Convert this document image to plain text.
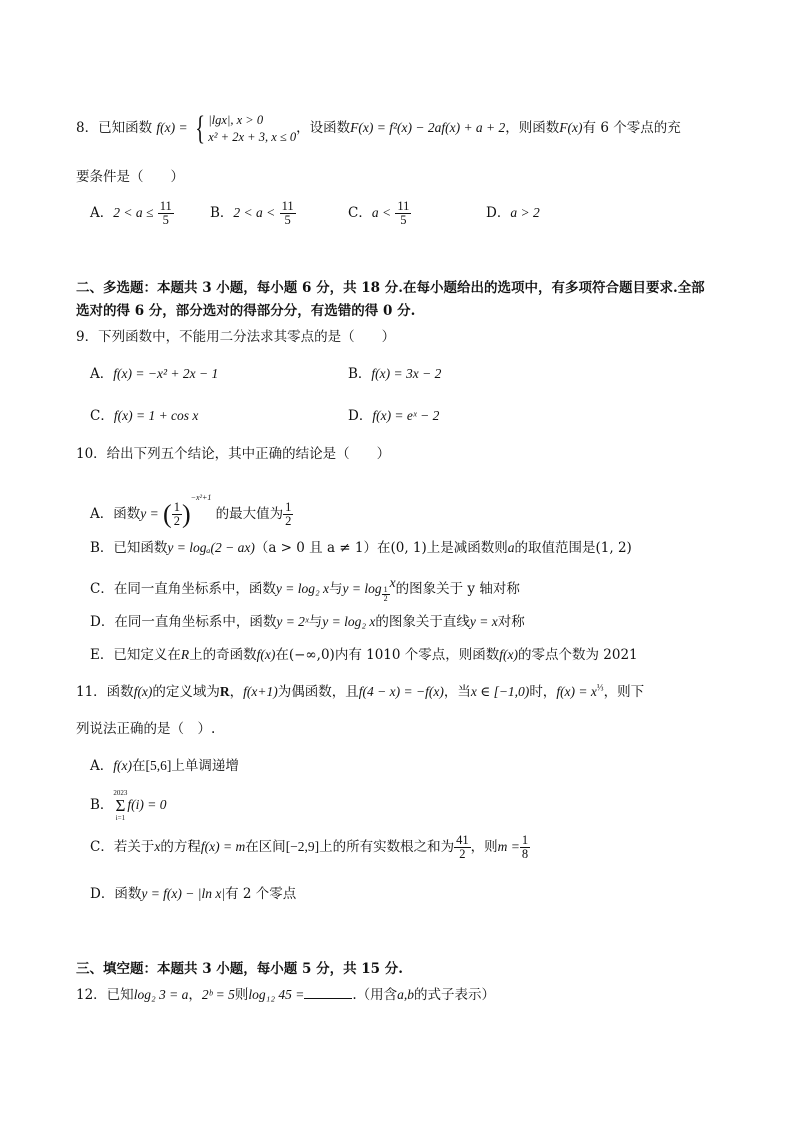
8．已知函数 f(x) = { |lgx|, x > 0
x² + 2x + 3, x ≤ 0
，设函数F(x) = f²(x) − 2af(x) + a + 2，则函数F(x)有 6 个零点的充
要条件是（　　）
A．$2 < a \le \frac{11}{5}$	B．$2 < a < \frac{11}{5}$	C．$a < \frac{11}{5}$	D．a > 2
二、多选题：本题共 3 小题，每小题 6 分，共 18 分.在每小题给出的选项中，有多项符合题目要求.全部
选对的得 6 分，部分选对的得部分分，有选错的得 0 分.
9．下列函数中，不能用二分法求其零点的是（　　）
A．f(x) = −x² + 2x − 1	B．f(x) = 3x − 2
C．f(x) = 1 + cos x	D．f(x) = eˣ − 2
10．给出下列五个结论，其中正确的结论是（　　）
A．函数y = ( $\frac{1}{2} )^{-x^2+1}$ 的最大值为 $\frac{1}{2}$
B．已知函数y = logₐ(2 − ax)（a > 0 且 a ≠ 1）在(0, 1)上是减函数则a的取值范围是(1, 2)
C．在同一直角坐标系中，函数y = log₂ x与$y = \log \frac{1}{2}$
x的图象关于 y 轴对称
D．在同一直角坐标系中，函数y = 2ˣ与y = log₂ x的图象关于直线y = x对称
E．已知定义在R上的奇函数f(x)在(−∞,0)内有 1010 个零点，则函数f(x)的零点个数为 2021
11．函数f(x)的定义域为R，f(x+1)为偶函数，且f(4 − x) = −f(x)，当x ∈ [−1,0)时，$f(x) = x^{\frac{1}{3}}$，则下
列说法正确的是（　）.
A．f(x)在[5,6]上单调递增
B．
2023
Σ
i=1
f(i) = 0
C．若关于x的方程f(x) = m在区间[−2,9]上的所有实数根之和为 $\frac{41}{2}$ ，则$m = \frac{1}{8}$
D．函数y = f(x) − |ln x|有 2 个零点
三、填空题：本题共 3 小题，每小题 5 分，共 15 分.
12．已知log₂ 3 = a，2ᵇ = 5则log₁₂ 45 =	.（用含a,b的式子表示）
